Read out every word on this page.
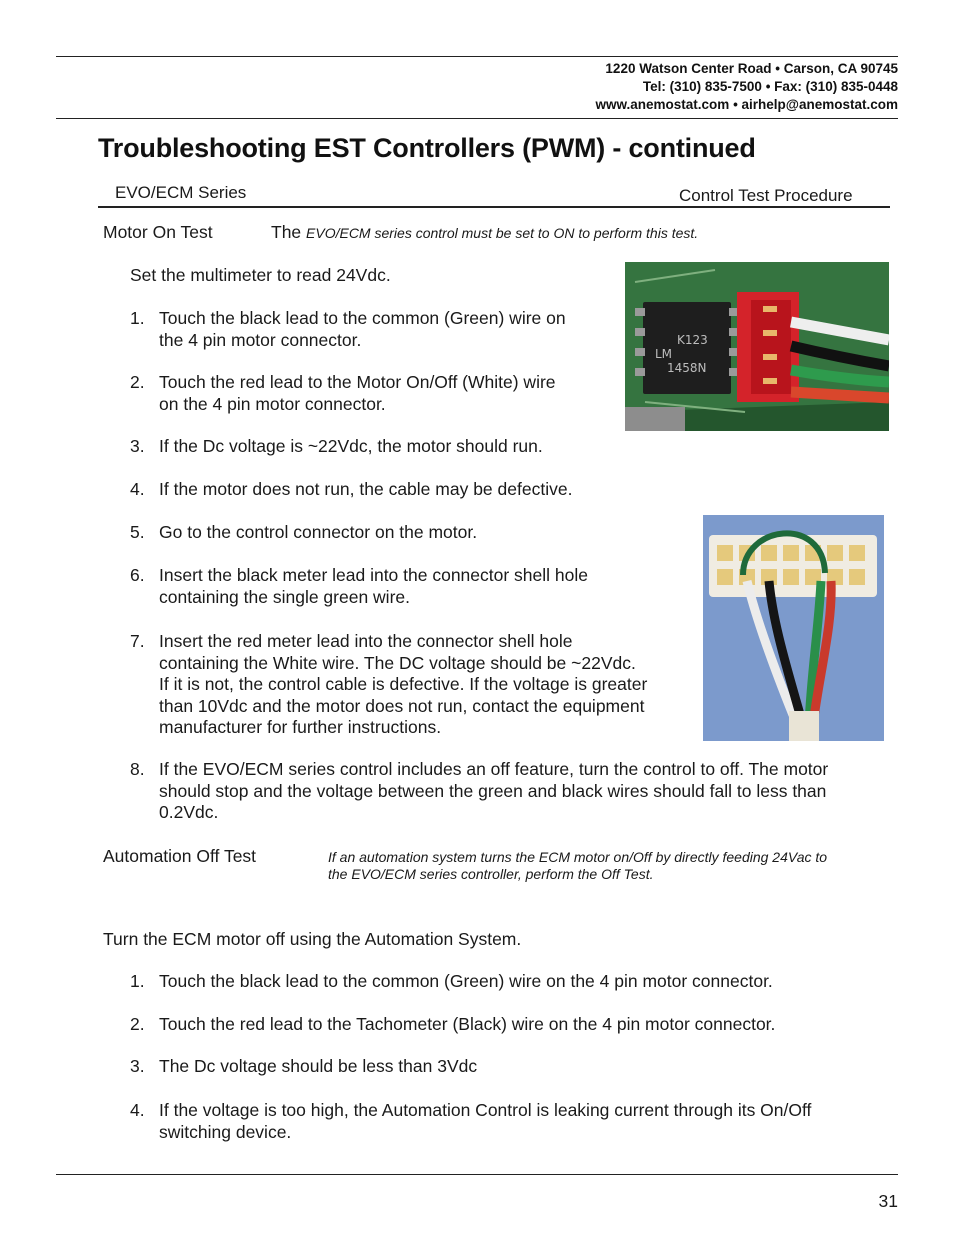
1220 Watson Center Road • Carson, CA 90745
Tel: (310) 835-7500 • Fax: (310) 835-0448
www.anemostat.com • airhelp@anemostat.com
Troubleshooting EST Controllers (PWM) - continued
EVO/ECM Series	Control Test Procedure
Motor On Test	The EVO/ECM series control must be set to ON to perform this test.
Set the multimeter to read 24Vdc.
1. Touch the black lead to the common (Green) wire on
the 4 pin motor connector.
2. Touch the red lead to the Motor On/Off (White) wire
on the 4 pin motor connector.
3. If the Dc voltage is ~22Vdc, the motor should run.
4. If the motor does not run, the cable may be defective.
5. Go to the control connector on the motor.
6. Insert the black meter lead into the connector shell hole
containing the single green wire.
7. Insert the red meter lead into the connector shell hole
containing the White wire. The DC voltage should be ~22Vdc.
If it is not, the control cable is defective. If the voltage is greater
than 10Vdc and the motor does not run, contact the equipment
manufacturer for further instructions.
8. If the EVO/ECM series control includes an off feature, turn the control to off. The motor
should stop and the voltage between the green and black wires should fall to less than
0.2Vdc.
K123
LM
1458N
Automation Off Test	If an automation system turns the ECM motor on/Off by directly feeding 24Vac to
the EVO/ECM series controller, perform the Off Test.
Turn the ECM motor off using the Automation System.
1. Touch the black lead to the common (Green) wire on the 4 pin motor connector.
2. Touch the red lead to the Tachometer (Black) wire on the 4 pin motor connector.
3. The Dc voltage should be less than 3Vdc
4. If the voltage is too high, the Automation Control is leaking current through its On/Off
switching device.
31
